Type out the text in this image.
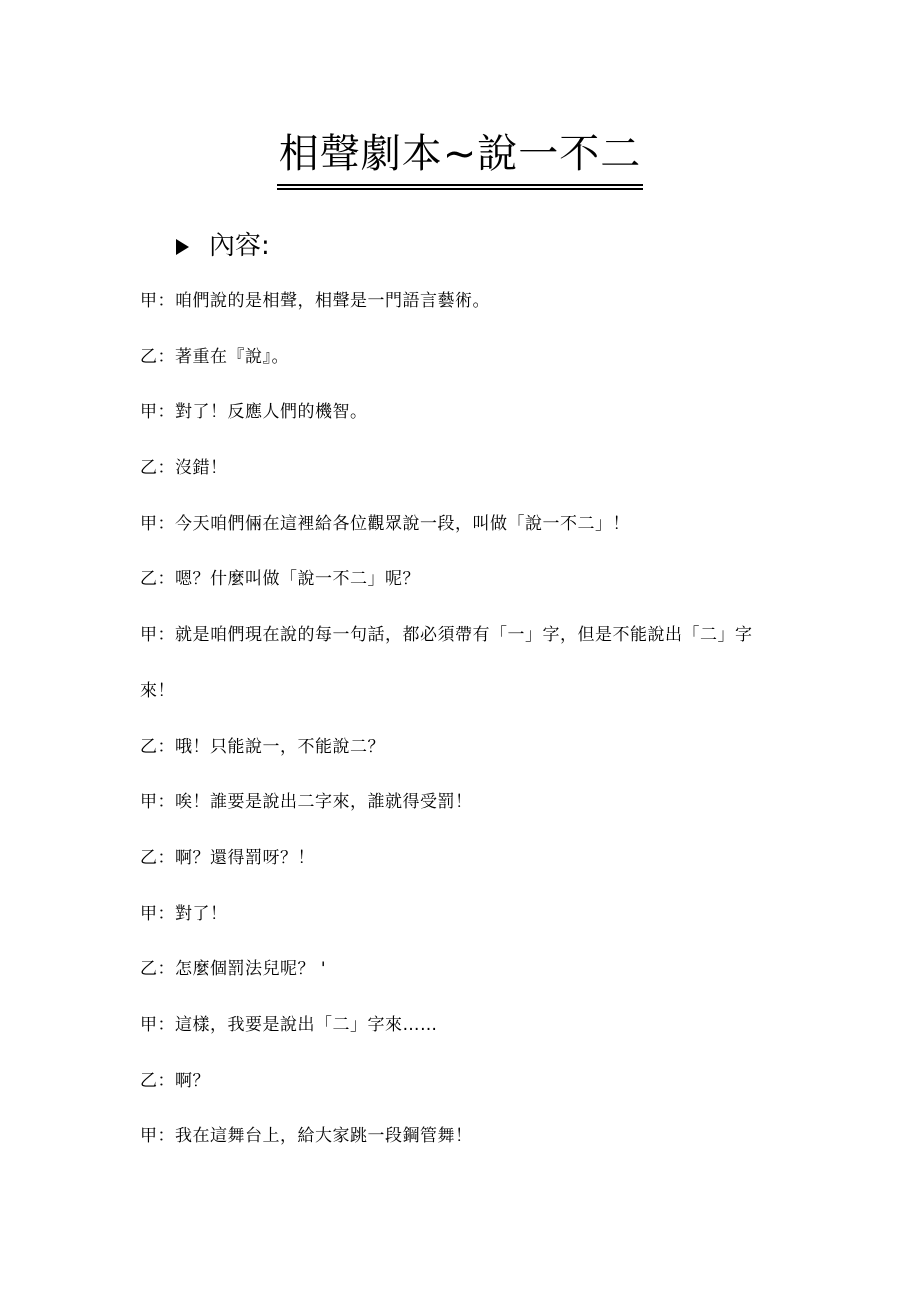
相聲劇本~說一不二
內容:
甲：咱們說的是相聲，相聲是一門語言藝術。
乙：著重在『說』。
甲：對了！反應人們的機智。
乙：沒錯！
甲：今天咱們倆在這裡給各位觀眾說一段，叫做「說一不二」！
乙：嗯？什麼叫做「說一不二」呢？
甲：就是咱們現在說的每一句話，都必須帶有「一」字，但是不能說出「二」字
來！
乙：哦！只能說一，不能說二？
甲：唉！誰要是說出二字來，誰就得受罰！
乙：啊？還得罰呀？！
甲：對了！
乙：怎麼個罰法兒呢？ '
甲：這樣，我要是說出「二」字來……
乙：啊？
甲：我在這舞台上，給大家跳一段鋼管舞！
